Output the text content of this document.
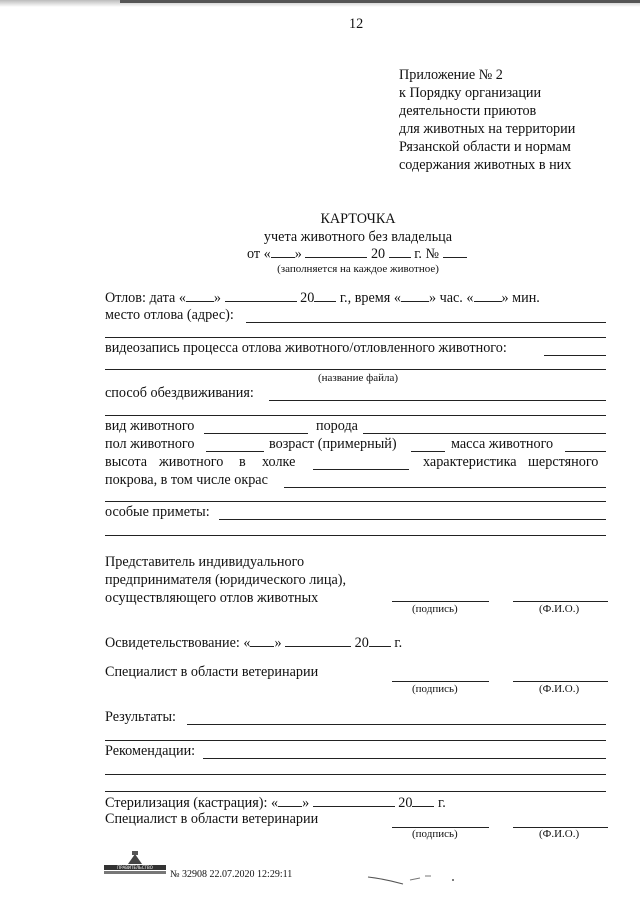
12
Приложение № 2
к Порядку организации
деятельности приютов
для животных на территории
Рязанской области и нормам
содержания животных в них
КАРТОЧКА
учета животного без владельца
от « »	20 г. №
(заполняется на каждое животное)
Отлов: дата « »	20 г., время « » час. « » мин.
место отлова (адрес):
видеозапись процесса отлова животного/отловленного животного:
(название файла)
способ обездвиживания:
вид животного	порода
пол животного	возраст (примерный)	масса животного
высота животного в холке	характеристика шерстяного
покрова, в том числе окрас
особые приметы:
Представитель индивидуального
предпринимателя (юридического лица),
осуществляющего отлов животных
(подпись)	(Ф.И.О.)
Освидетельствование: « »	20 г.
Специалист в области ветеринарии
(подпись)	(Ф.И.О.)
Результаты:
Рекомендации:
Стерилизация (кастрация): « »	20 г.
Специалист в области ветеринарии
(подпись)	(Ф.И.О.)
ПРАВИТЕЛЬСТВО
№ 32908 22.07.2020 12:29:11
